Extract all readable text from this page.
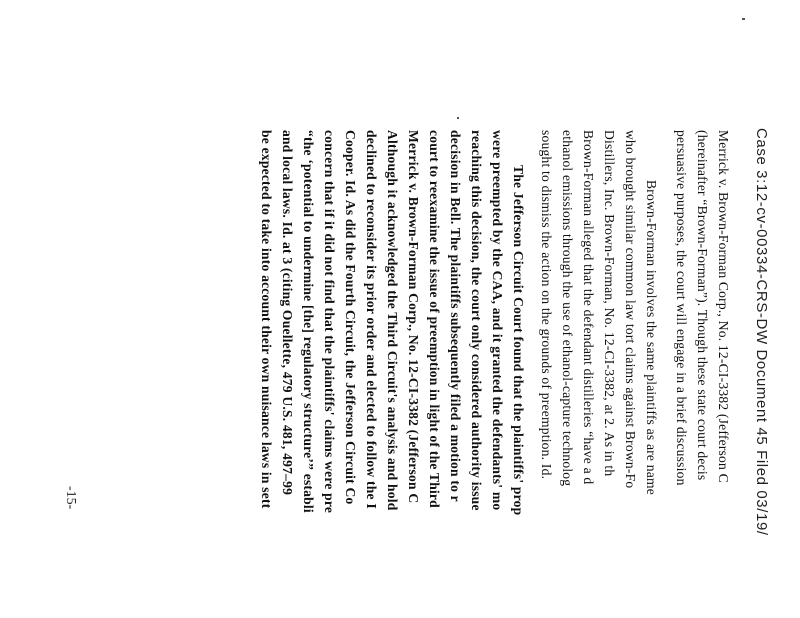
Case 3:12-cv-00334-CRS-DW Document 45 Filed 03/19/
Merrick v. Brown-Forman Corp., No. 12-CI-3382 (Jefferson C
(hereinafter “Brown-Forman”). Though these state court decis
persuasive purposes, the court will engage in a brief discussion
Brown-Forman involves the same plaintiffs as are name
who brought similar common law tort claims against Brown-Fo
Distillers, Inc. Brown-Forman, No. 12-CI-3382, at 2. As in th
Brown-Forman alleged that the defendant distilleries “have a d
ethanol emissions through the use of ethanol-capture technolog
sought to dismiss the action on the grounds of preemption. Id.
The Jefferson Circuit Court found that the plaintiffs' prop
were preempted by the CAA, and it granted the defendants' mo
reaching this decision, the court only considered authority issue
decision in Bell. The plaintiffs subsequently filed a motion to r
court to reexamine the issue of preemption in light of the Third
Merrick v. Brown-Forman Corp., No. 12-CI-3382 (Jefferson C
Although it acknowledged the Third Circuit's analysis and hold
declined to reconsider its prior order and elected to follow the I
Cooper. Id. As did the Fourth Circuit, the Jefferson Circuit Co
concern that if it did not find that the plaintiffs' claims were pre
“the ‘potential to undermine [the] regulatory structure’” establi
and local laws. Id. at 3 (citing Ouellette, 479 U.S. 481, 497–99
be expected to take into account their own nuisance laws in sett
-15-
